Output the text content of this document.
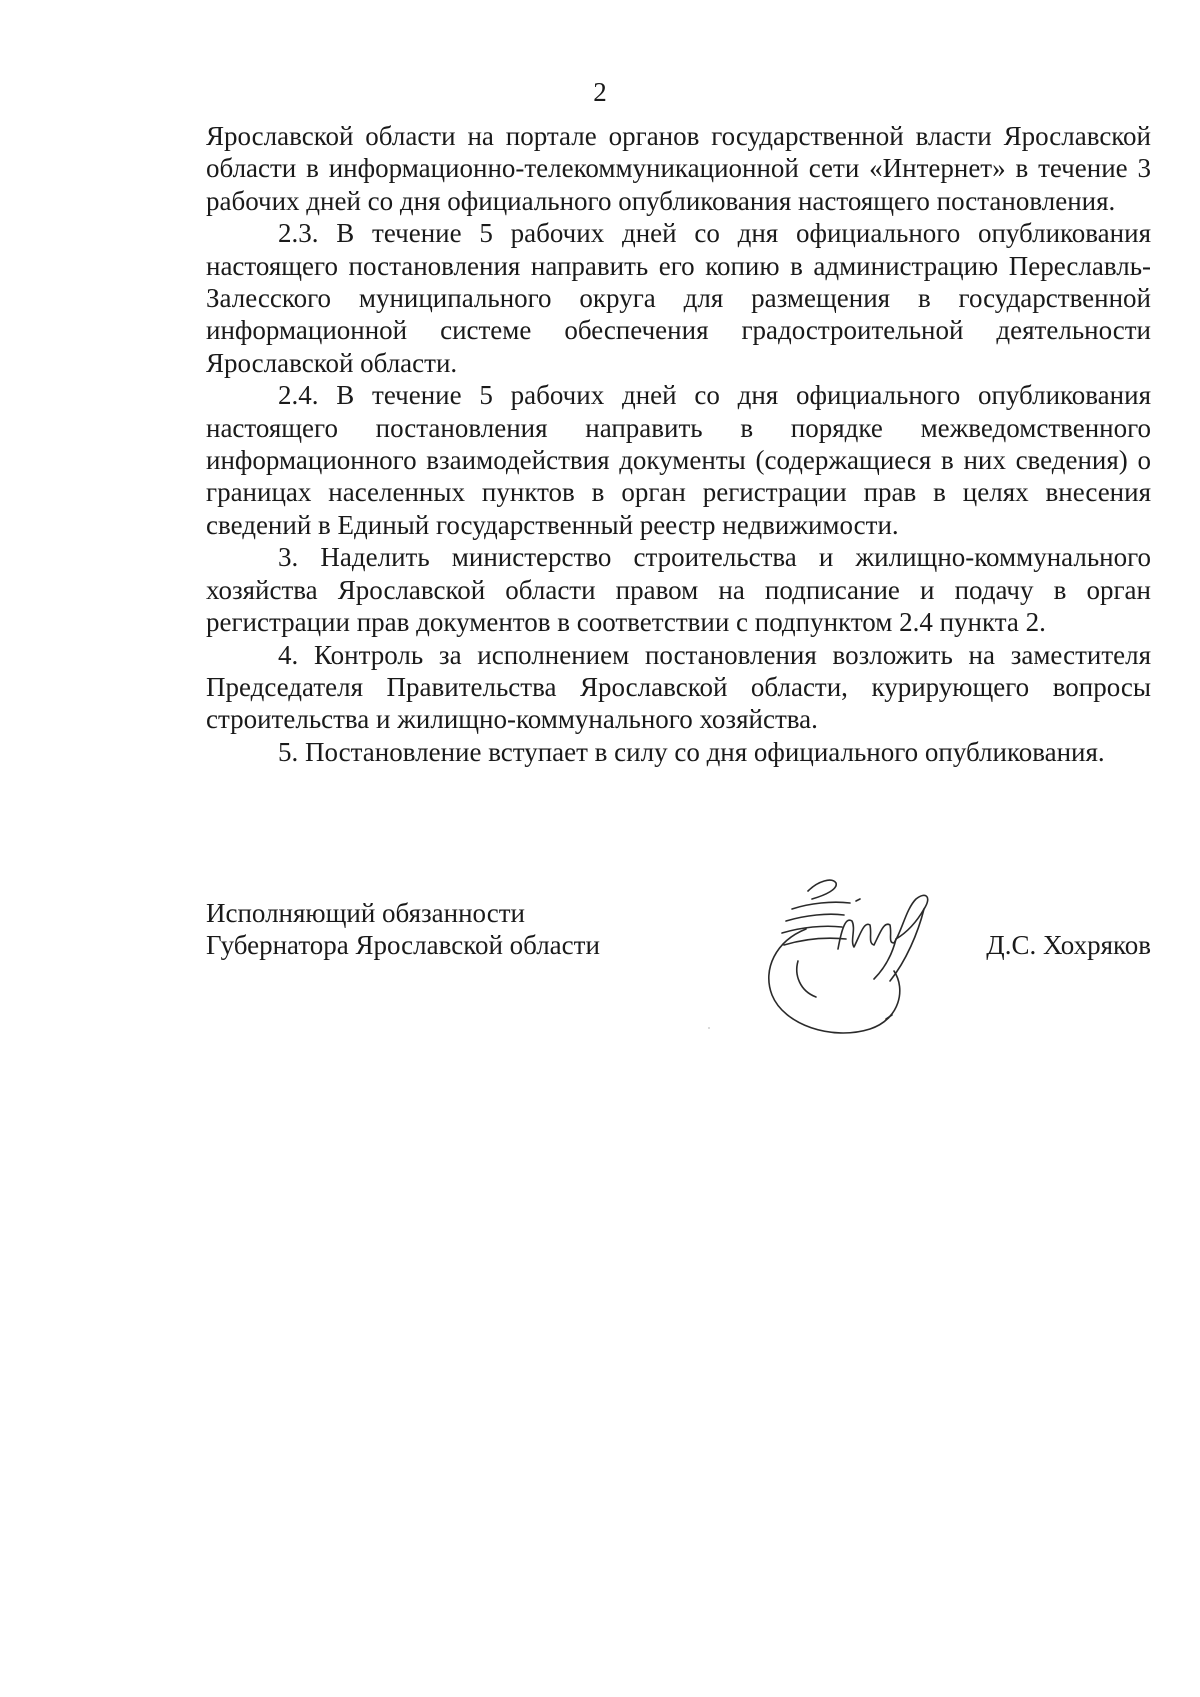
2

Ярославской области на портале органов государственной власти Ярославской области в информационно-телекоммуникационной сети «Интернет» в течение 3 рабочих дней со дня официального опубликования настоящего постановления.

2.3. В течение 5 рабочих дней со дня официального опубликования настоящего постановления направить его копию в администрацию Переславль-Залесского муниципального округа для размещения в государственной информационной системе обеспечения градостроительной деятельности Ярославской области.

2.4. В течение 5 рабочих дней со дня официального опубликования настоящего постановления направить в порядке межведомственного информационного взаимодействия документы (содержащиеся в них сведения) о границах населенных пунктов в орган регистрации прав в целях внесения сведений в Единый государственный реестр недвижимости.

3. Наделить министерство строительства и жилищно-коммунального хозяйства Ярославской области правом на подписание и подачу в орган регистрации прав документов в соответствии с подпунктом 2.4 пункта 2.

4. Контроль за исполнением постановления возложить на заместителя Председателя Правительства Ярославской области, курирующего вопросы строительства и жилищно-коммунального хозяйства.

5. Постановление вступает в силу со дня официального опубликования.

Исполняющий обязанности
Губернатора Ярославской области	Д.С. Хохряков
